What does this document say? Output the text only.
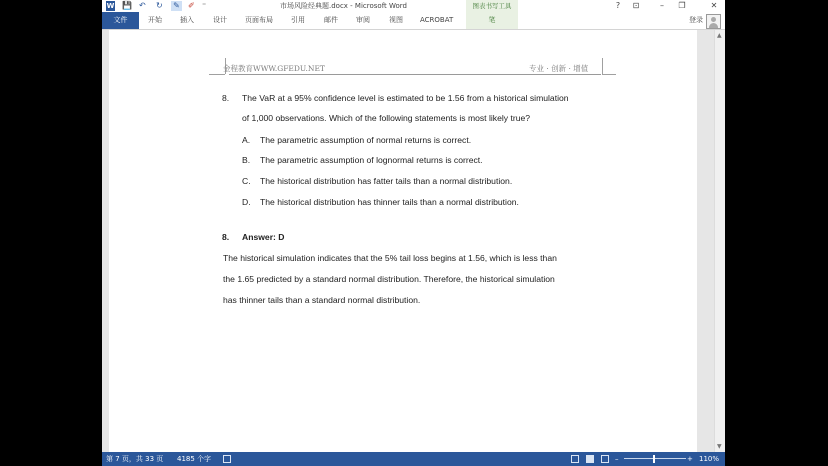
W 💾 ↶ ↻ ✎ ✐ ⁼	市场风险经典题.docx - Microsoft Word	图表书写工具	?	⊡	–	❐	✕
文件	开始	插入	设计	页面布局	引用	邮件	审阅	视图 ACROBAT	笔	登录
金程教育WWW.GFEDU.NET	专业 · 创新 · 增值
8. The VaR at a 95% confidence level is estimated to be 1.56 from a historical simulation
of 1,000 observations. Which of the following statements is most likely true?
A. The parametric assumption of normal returns is correct.
B. The parametric assumption of lognormal returns is correct.
C. The historical distribution has fatter tails than a normal distribution.
D. The historical distribution has thinner tails than a normal distribution.
8. Answer: D
The historical simulation indicates that the 5% tail loss begins at 1.56, which is less than
the 1.65 predicted by a standard normal distribution. Therefore, the historical simulation
has thinner tails than a standard normal distribution.
▲
▼
第 7 页，共 33 页 4185 个字	–	+ 110%
